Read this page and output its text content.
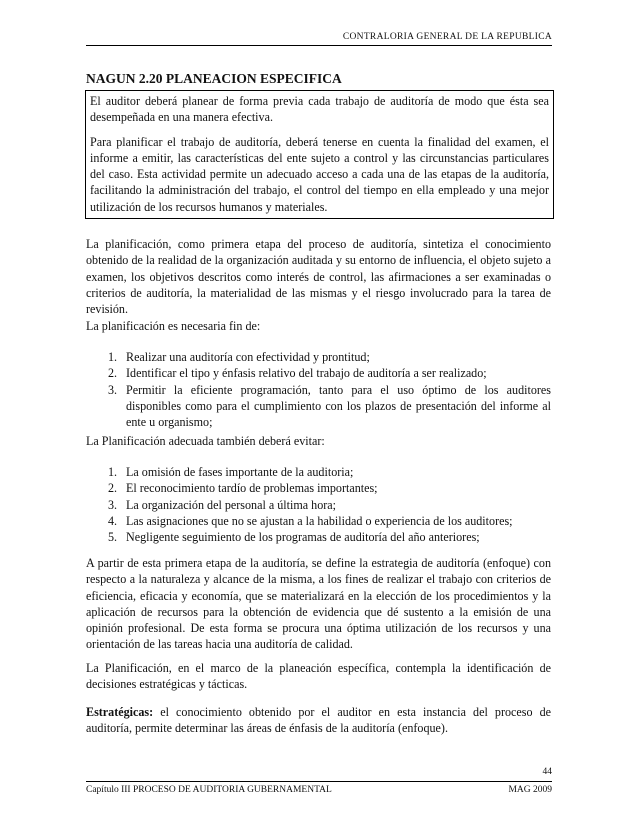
CONTRALORIA GENERAL DE LA REPUBLICA
NAGUN 2.20 PLANEACION ESPECIFICA

El auditor deberá planear de forma previa cada trabajo de auditoría de modo que ésta sea desempeñada en una manera efectiva.

Para planificar el trabajo de auditoría, deberá tenerse en cuenta la finalidad del examen, el informe a emitir, las características del ente sujeto a control y las circunstancias particulares del caso. Esta actividad permite un adecuado acceso a cada una de las etapas de la auditoría, facilitando la administración del trabajo, el control del tiempo en ella empleado y una mejor utilización de los recursos humanos y materiales.

La planificación, como primera etapa del proceso de auditoría, sintetiza el conocimiento obtenido de la realidad de la organización auditada y su entorno de influencia, el objeto sujeto a examen, los objetivos descritos como interés de control, las afirmaciones a ser examinadas o criterios de auditoría, la materialidad de las mismas y el riesgo involucrado para la tarea de revisión.

La planificación es necesaria fin de:

1. Realizar una auditoría con efectividad y prontitud;
2. Identificar el tipo y énfasis relativo del trabajo de auditoría a ser realizado;
3. Permitir la eficiente programación, tanto para el uso óptimo de los auditores disponibles como para el cumplimiento con los plazos de presentación del informe al ente u organismo;

La Planificación adecuada también deberá evitar:

1. La omisión de fases importante de la auditoria;
2. El reconocimiento tardío de problemas importantes;
3. La organización del personal a última hora;
4. Las asignaciones que no se ajustan a la habilidad o experiencia de los auditores;
5. Negligente seguimiento de los programas de auditoría del año anteriores;

A partir de esta primera etapa de la auditoría, se define la estrategia de auditoría (enfoque) con respecto a la naturaleza y alcance de la misma, a los fines de realizar el trabajo con criterios de eficiencia, eficacia y economía, que se materializará en la elección de los procedimientos y la aplicación de recursos para la obtención de evidencia que dé sustento a la emisión de una opinión profesional. De esta forma se procura una óptima utilización de los recursos y una orientación de las tareas hacia una auditoría de calidad.

La Planificación, en el marco de la planeación específica, contempla la identificación de decisiones estratégicas y tácticas.

Estratégicas: el conocimiento obtenido por el auditor en esta instancia del proceso de auditoría, permite determinar las áreas de énfasis de la auditoría (enfoque).

44
Capítulo III PROCESO DE AUDITORIA GUBERNAMENTAL	MAG 2009
